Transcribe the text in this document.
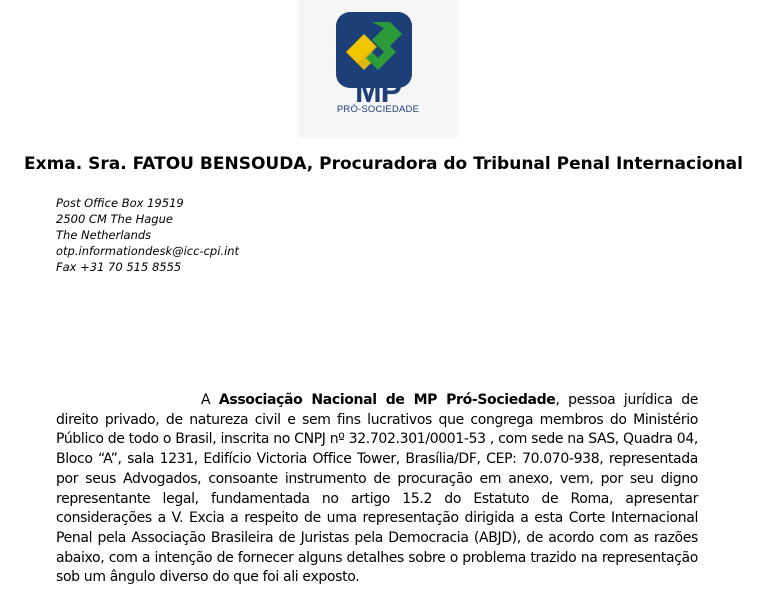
MP
PRÓ-SOCIEDADE
Exma. Sra. FATOU BENSOUDA, Procuradora do Tribunal Penal Internacional
Post Office Box 19519
2500 CM The Hague
The Netherlands
otp.informationdesk@icc-cpi.int
Fax +31 70 515 8555
A Associação Nacional de MP Pró-Sociedade, pessoa jurídica de direito privado, de natureza civil e sem fins lucrativos que congrega membros do Ministério Público de todo o Brasil, inscrita no CNPJ nº 32.702.301/0001-53 , com sede na SAS, Quadra 04, Bloco “A”, sala 1231, Edifício Victoria Office Tower, Brasília/DF, CEP: 70.070-938, representada por seus Advogados, consoante instrumento de procuração em anexo, vem, por seu digno representante legal, fundamentada no artigo 15.2 do Estatuto de Roma, apresentar considerações a V. Excia a respeito de uma representação dirigida a esta Corte Internacional Penal pela Associação Brasileira de Juristas pela Democracia (ABJD), de acordo com as razões abaixo, com a intenção de fornecer alguns detalhes sobre o problema trazido na representação sob um ângulo diverso do que foi ali exposto.
